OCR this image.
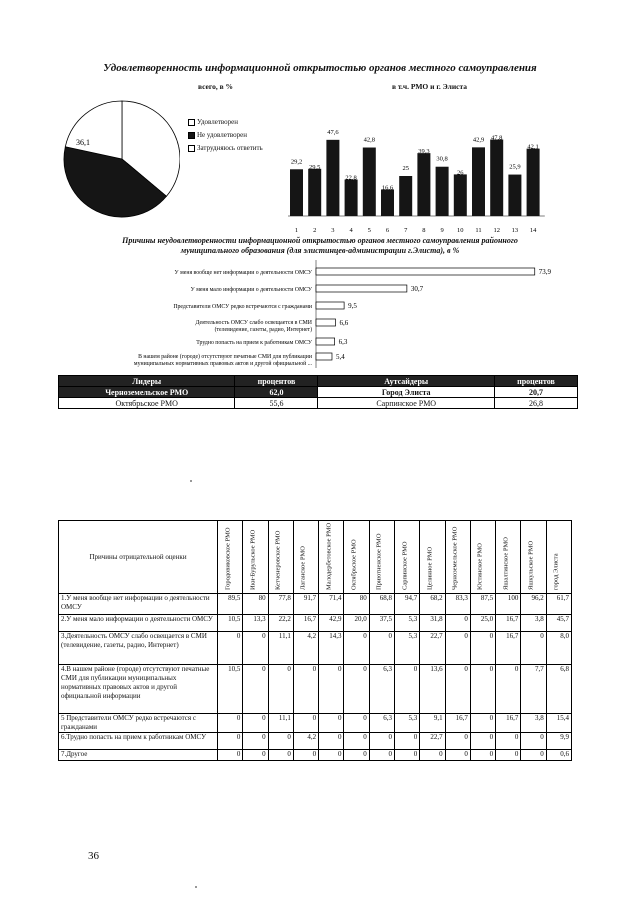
Удовлетворенность информационной открытостью органов местного самоуправления
всего, в %	в т.ч. РМО и г. Элиста
36,1
Удовлетворен
Не удовлетворен
Затрудняюсь ответить
29,2
1
29,5
2
47,6
3
22,8
4
42,8
5
16,6
6
25
7
39,3
8
30,8
9
26
10
42,9
11
47,8
12
25,9
13
42,1
14
Причины неудовлетворенности информационной открытостью органов местного самоуправления районного муниципального образования (для элистинцев-администрации г.Элиста), в %
У меня вообще нет информации о деятельности ОМСУ	73,9
У меня мало информации о деятельности ОМСУ	30,7
Представители ОМСУ редко встречаются с гражданами	9,5
Деятельность ОМСУ слабо освещается в СМИ (телевидение, газеты, радио, Интернет)
6,6
Трудно попасть на прием к работникам ОМСУ	6,3
В нашем районе (городе) отсутствуют печатные СМИ для публикации муниципальных нормативных правовых актов и другой официальной ...
5,4
Лидеры	процентов	Аутсайдеры	процентов
Черноземельское РМО	62,0	Город Элиста	20,7
Октябрьское РМО	55,6	Сарпинское РМО	26,8
Причины отрицательной оценки	Городовиковское РМО	Ики-Бурульское РМО	Кетченеровское РМО	Лаганское РМО	Малодербетовское РМО	Октябрьское РМО	Приютненское РМО	Сарпинское РМО	Целинное РМО	Черноземельское РМО	Юстинское РМО	Яшалтинское РМО	Яшкульское РМО	город Элиста

1.У меня вообще нет информации о деятельности ОМСУ	89,5	80	77,8	91,7	71,4	80	68,8	94,7	68,2	83,3	87,5	100	96,2	61,7
2.У меня мало информации о деятельности ОМСУ	10,5	13,3	22,2	16,7	42,9	20,0	37,5	5,3	31,8	0	25,0	16,7	3,8	45,7
3.Деятельность ОМСУ слабо освещается в СМИ (телевидение, газеты, радио, Интернет)	0	0	11,1	4,2	14,3	0	0	5,3	22,7	0	0	16,7	0	8,0
4.В нашем районе (городе) отсутствуют печатные СМИ для публикации муниципальных нормативных правовых актов и другой официальной информации	10,5	0	0	0	0	0	6,3	0	13,6	0	0	0	7,7	6,8
5 Представители ОМСУ редко встречаются с гражданами	0	0	11,1	0	0	0	6,3	5,3	9,1	16,7	0	16,7	3,8	15,4
6.Трудно попасть на прием к работникам ОМСУ	0	0	0	4,2	0	0	0	0	22,7	0	0	0	0	9,9
7.Другое	0	0	0	0	0	0	0	0	0	0	0	0	0	0,6
36
